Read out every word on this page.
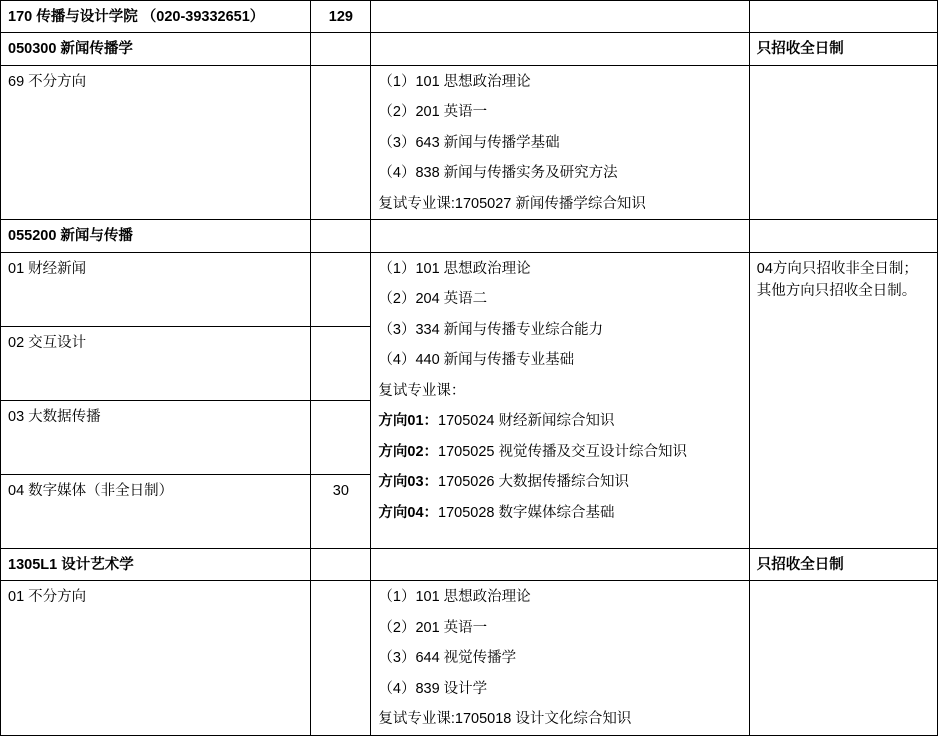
170 传播与设计学院 （020-39332651）	129		
050300 新闻传播学			只招收全日制
69 不分方向		（1）101 思想政治理论

（2）201 英语一

（3）643 新闻与传播学基础

（4）838 新闻与传播实务及研究方法

复试专业课:1705027 新闻传播学综合知识	

055200 新闻与传播			
01 财经新闻		（1）101 思想政治理论

（2）204 英语二

（3）334 新闻与传播专业综合能力

（4）440 新闻与传播专业基础

复试专业课：

方向01：1705024 财经新闻综合知识

方向02：1705025 视觉传播及交互设计综合知识

方向03：1705026 大数据传播综合知识

方向04：1705028 数字媒体综合基础

	04方向只招收非全日制；其他方向只招收全日制。
02 交互设计			
03 大数据传播			
04 数字媒体（非全日制）	30		
1305L1 设计艺术学			只招收全日制
01 不分方向		（1）101 思想政治理论

（2）201 英语一

（3）644 视觉传播学

（4）839 设计学

复试专业课:1705018 设计文化综合知识	
